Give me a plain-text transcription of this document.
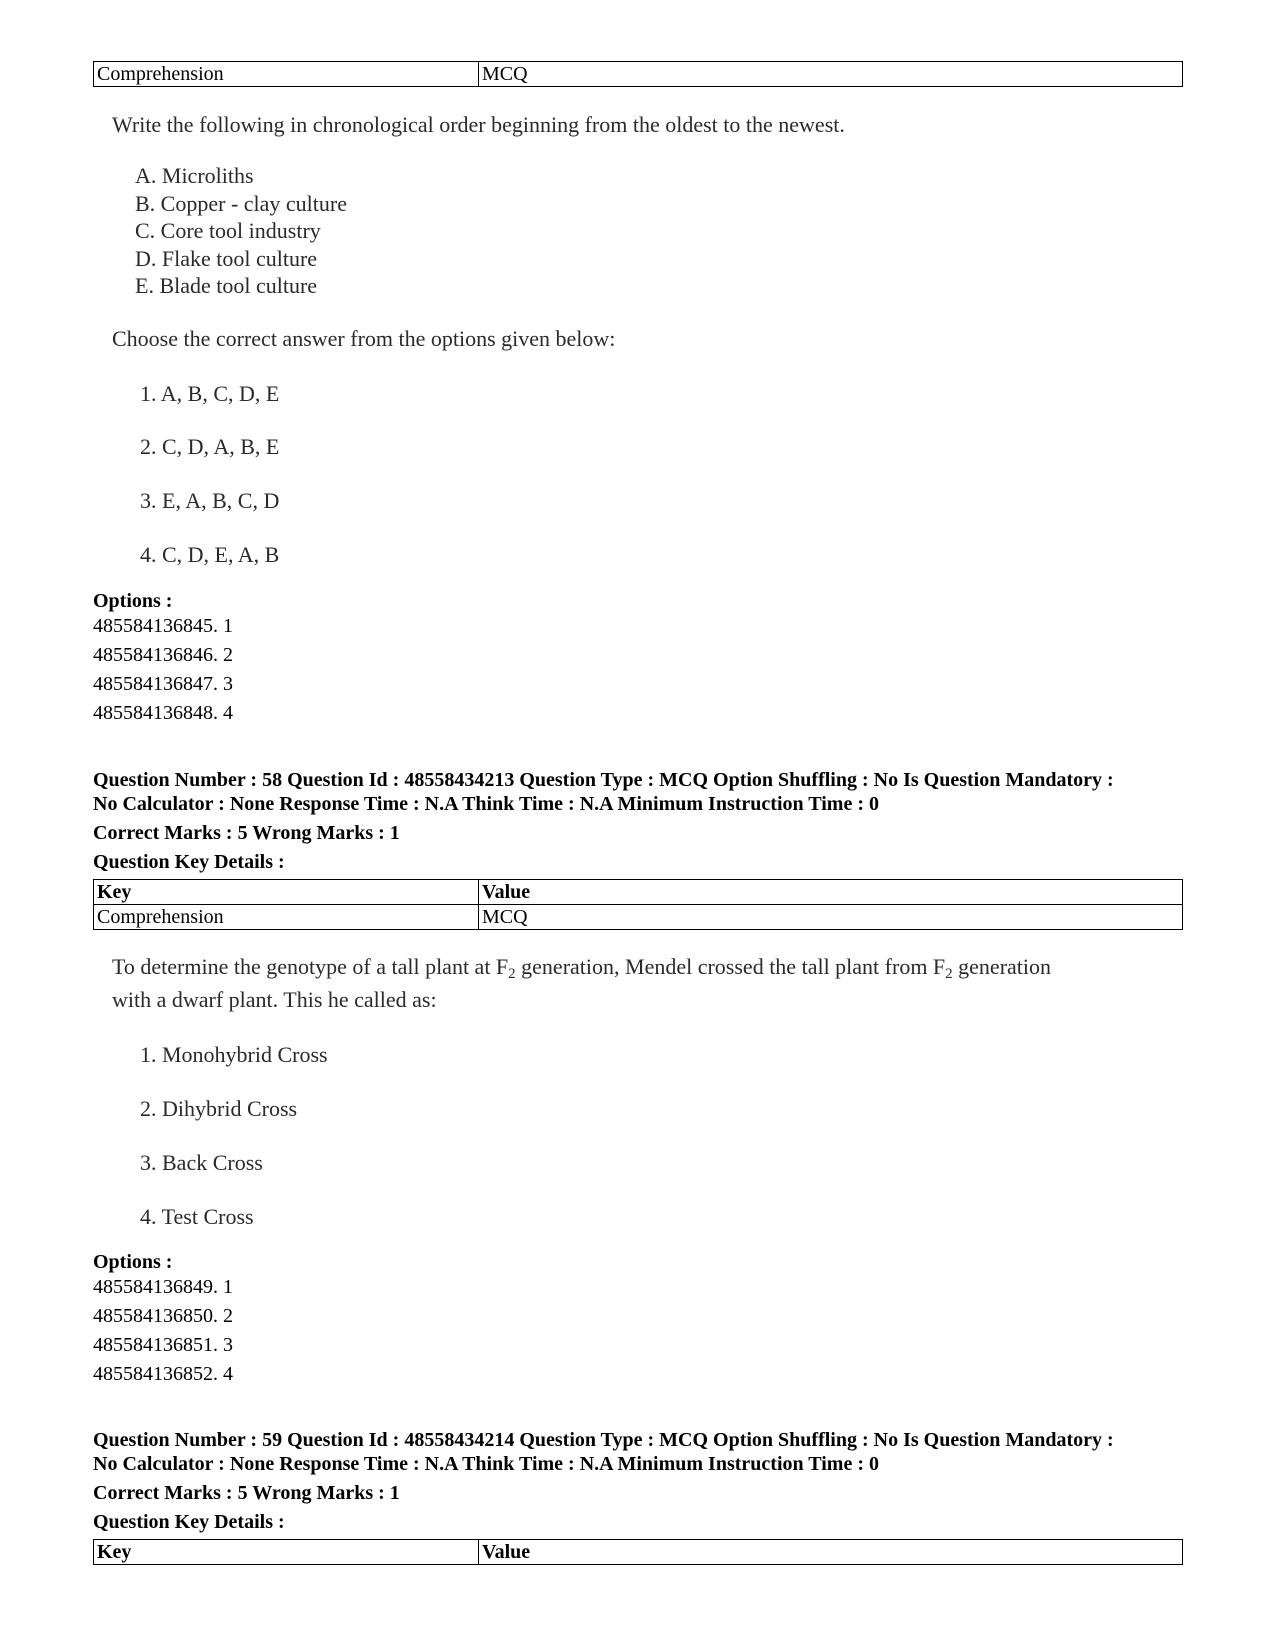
Comprehension	MCQ
Write the following in chronological order beginning from the oldest to the newest.
A. Microliths
B. Copper - clay culture
C. Core tool industry
D. Flake tool culture
E. Blade tool culture
Choose the correct answer from the options given below:
1. A, B, C, D, E
2. C, D, A, B, E
3. E, A, B, C, D
4. C, D, E, A, B
Options :
485584136845. 1
485584136846. 2
485584136847. 3
485584136848. 4
Question Number : 58 Question Id : 48558434213 Question Type : MCQ Option Shuffling : No Is Question Mandatory :
No Calculator : None Response Time : N.A Think Time : N.A Minimum Instruction Time : 0
Correct Marks : 5 Wrong Marks : 1
Question Key Details :
Key	Value
Comprehension	MCQ
To determine the genotype of a tall plant at $F_2$ generation, Mendel crossed the tall plant from $F_2$ generation
with a dwarf plant. This he called as:
1. Monohybrid Cross
2. Dihybrid Cross
3. Back Cross
4. Test Cross
Options :
485584136849. 1
485584136850. 2
485584136851. 3
485584136852. 4
Question Number : 59 Question Id : 48558434214 Question Type : MCQ Option Shuffling : No Is Question Mandatory :
No Calculator : None Response Time : N.A Think Time : N.A Minimum Instruction Time : 0
Correct Marks : 5 Wrong Marks : 1
Question Key Details :
Key	Value
